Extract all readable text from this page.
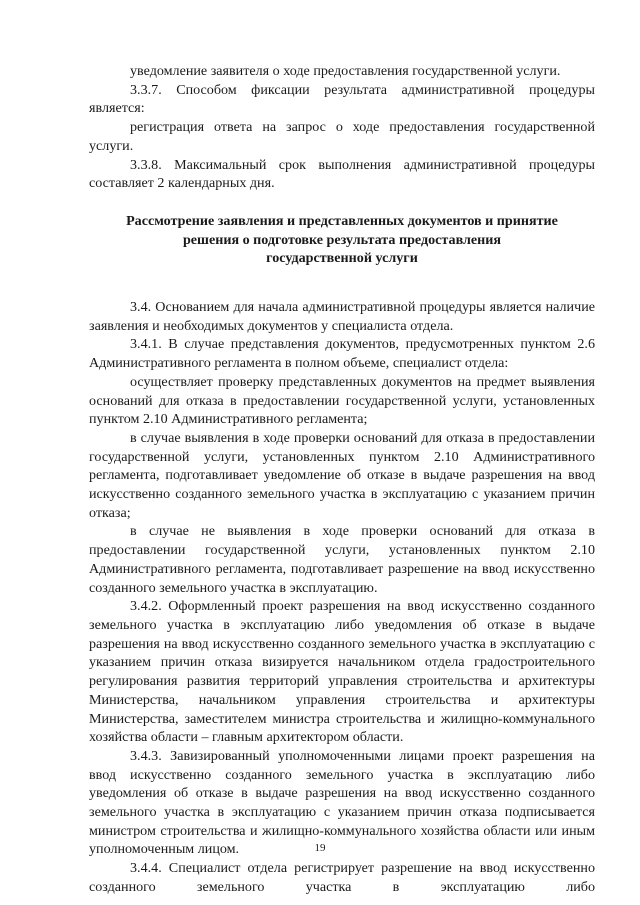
уведомление заявителя о ходе предоставления государственной услуги.

3.3.7. Способом фиксации результата административной процедуры является:

регистрация ответа на запрос о ходе предоставления государственной услуги.

3.3.8. Максимальный срок выполнения административной процедуры составляет 2 календарных дня.

Рассмотрение заявления и представленных документов и принятие
решения о подготовке результата предоставления
государственной услуги

3.4. Основанием для начала административной процедуры является наличие заявления и необходимых документов у специалиста отдела.

3.4.1. В случае представления документов, предусмотренных пунктом 2.6 Административного регламента в полном объеме, специалист отдела:

осуществляет проверку представленных документов на предмет выявления оснований для отказа в предоставлении государственной услуги, установленных пунктом 2.10 Административного регламента;

в случае выявления в ходе проверки оснований для отказа в предоставлении государственной услуги, установленных пунктом 2.10 Административного регламента, подготавливает уведомление об отказе в выдаче разрешения на ввод искусственно созданного земельного участка в эксплуатацию с указанием причин отказа;

в случае не выявления в ходе проверки оснований для отказа в предоставлении государственной услуги, установленных пунктом 2.10 Административного регламента, подготавливает разрешение на ввод искусственно созданного земельного участка в эксплуатацию.

3.4.2. Оформленный проект разрешения на ввод искусственно созданного земельного участка в эксплуатацию либо уведомления об отказе в выдаче разрешения на ввод искусственно созданного земельного участка в эксплуатацию с указанием причин отказа визируется начальником отдела градостроительного регулирования развития территорий управления строительства и архитектуры Министерства, начальником управления строительства и архитектуры Министерства, заместителем министра строительства и жилищно-коммунального хозяйства области – главным архитектором области.

3.4.3. Завизированный уполномоченными лицами проект разрешения на ввод искусственно созданного земельного участка в эксплуатацию либо уведомления об отказе в выдаче разрешения на ввод искусственно созданного земельного участка в эксплуатацию с указанием причин отказа подписывается министром строительства и жилищно-коммунального хозяйства области или иным уполномоченным лицом.

3.4.4. Специалист отдела регистрирует разрешение на ввод искусственно созданного земельного участка в эксплуатацию либо

19
